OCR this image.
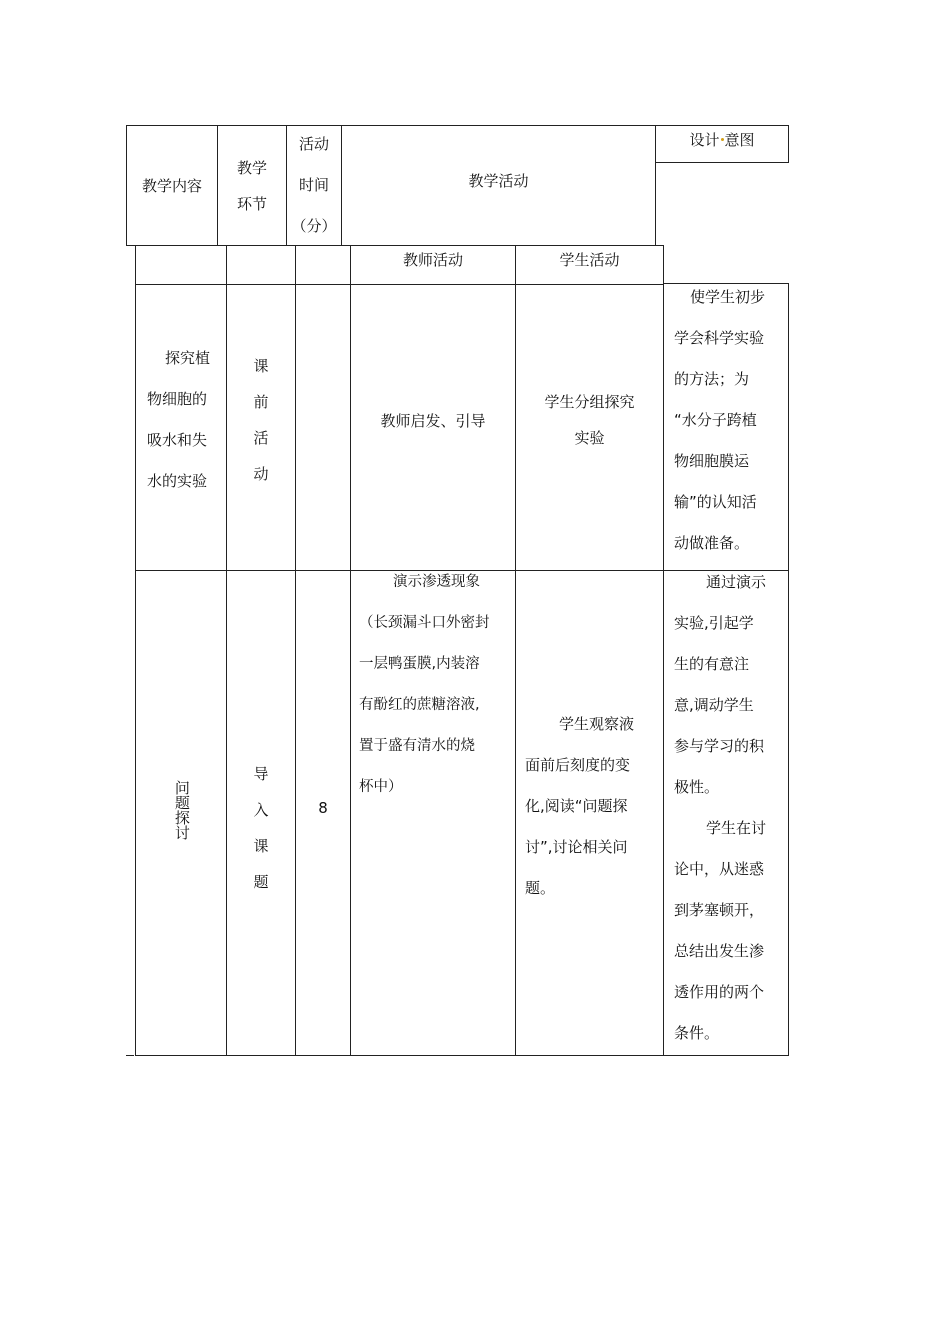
教学内容
教学
环节
活动
时间
（分）
教学活动
设计 意图
教师活动	学生活动
探究植
物细胞的
吸水和失
水的实验
课
前
活
动
教师启发、引导
学生分组探究
实验
使学生初步
学会科学实验
的方法；为
“水分子跨植
物细胞膜运
输”的认知活
动做准备。
问题探讨
导
入
课
题
8
演示渗透现象
（长颈漏斗口外密封
一层鸭蛋膜,内装溶
有酚红的蔗糖溶液,
置于盛有清水的烧
杯中）
学生观察液
面前后刻度的变
化,阅读“问题探
讨”,讨论相关问
题。
通过演示
实验,引起学
生的有意注
意,调动学生
参与学习的积
极性。
学生在讨
论中，从迷惑
到茅塞顿开，
总结出发生渗
透作用的两个
条件。
